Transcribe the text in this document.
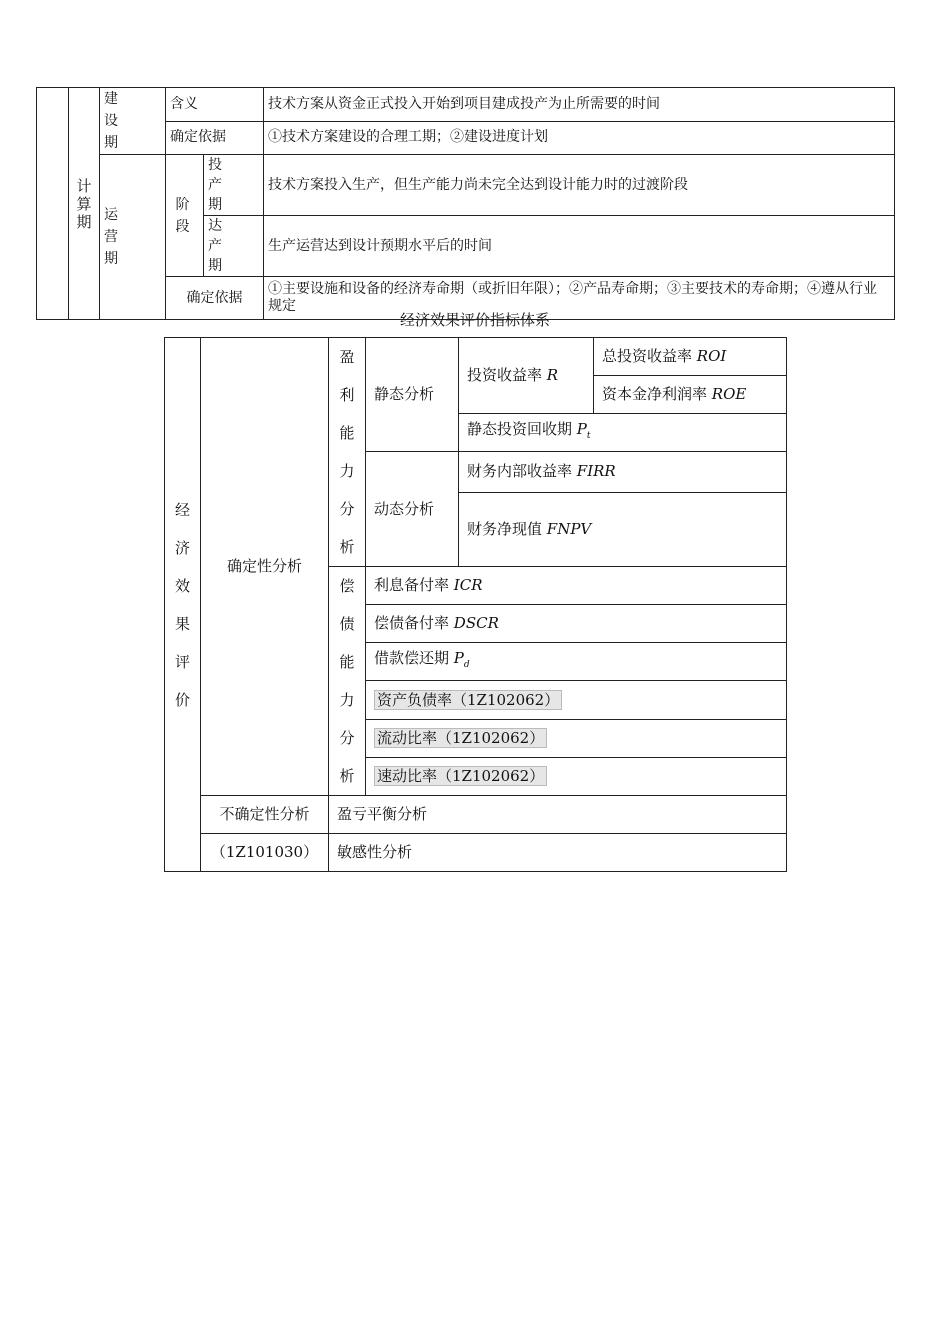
	计算期	建设期	含义		技术方案从资金正式投入开始到项目建成投产为止所需要的时间
			确定依据		①技术方案建设的合理工期；②建设进度计划

		运营期	阶段	投产期	技术方案投入生产，但生产能力尚未完全达到设计能力时的过渡阶段

				达产期	生产运营达到设计预期水平后的时间
			确定依据		①主要设施和设备的经济寿命期（或折旧年限）；②产品寿命期；③主要技术的寿命期；④遵从行业规定
经济效果评价指标体系
经济效果评价	确定性分析	盈利能力分析	静态分析	投资收益率 R	总投资收益率 ROI
					资本金净利润率 ROE
				静态投资回收期 $P_t$
			动态分析	财务内部收益率 FIRR	
				财务净现值 FNPV	

		偿债能力分析	利息备付率 ICR		
			偿债备付率 DSCR		
			借款偿还期 $P_d$
			资产负债率（1Z102062）		
			流动比率（1Z102062）		
			速动比率（1Z102062）		
	不确定性分析	盈亏平衡分析			
	（1Z101030）	敏感性分析			
